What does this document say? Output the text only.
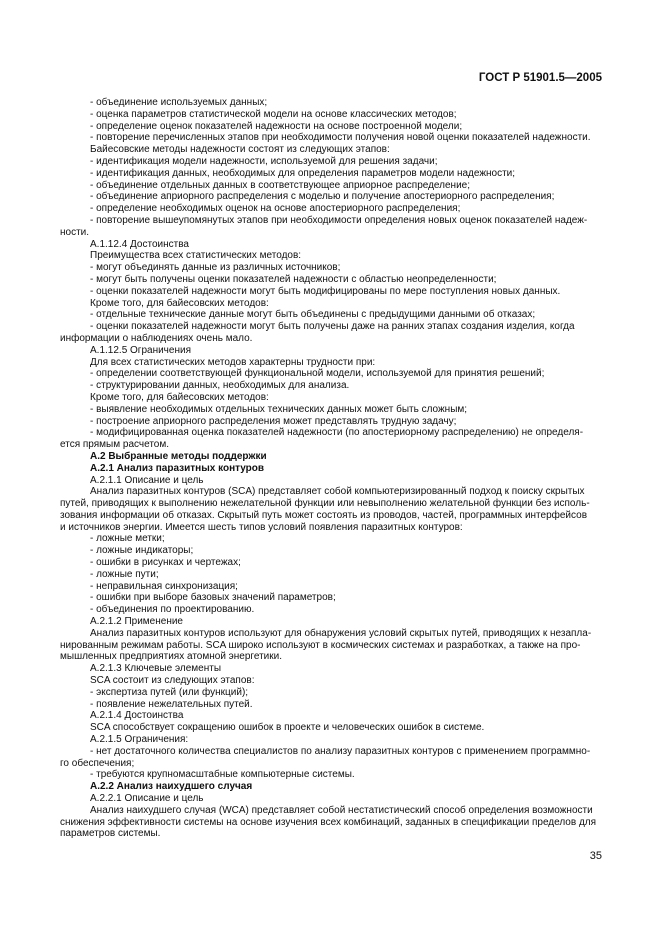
ГОСТ Р 51901.5—2005
- объединение используемых данных;
- оценка параметров статистической модели на основе классических методов;
- определение оценок показателей надежности на основе построенной модели;
- повторение перечисленных этапов при необходимости получения новой оценки показателей надежности.
Байесовские методы надежности состоят из следующих этапов:
- идентификация модели надежности, используемой для решения задачи;
- идентификация данных, необходимых для определения параметров модели надежности;
- объединение отдельных данных в соответствующее априорное распределение;
- объединение априорного распределения с моделью и получение апостериорного распределения;
- определение необходимых оценок на основе апостериорного распределения;
- повторение вышеупомянутых этапов при необходимости определения новых оценок показателей надеж-
ности.
А.1.12.4 Достоинства
Преимущества всех статистических методов:
- могут объединять данные из различных источников;
- могут быть получены оценки показателей надежности с областью неопределенности;
- оценки показателей надежности могут быть модифицированы по мере поступления новых данных.
Кроме того, для байесовских методов:
- отдельные технические данные могут быть объединены с предыдущими данными об отказах;
- оценки показателей надежности могут быть получены даже на ранних этапах создания изделия, когда
информации о наблюдениях очень мало.
А.1.12.5 Ограничения
Для всех статистических методов характерны трудности при:
- определении соответствующей функциональной модели, используемой для принятия решений;
- структурировании данных, необходимых для анализа.
Кроме того, для байесовских методов:
- выявление необходимых отдельных технических данных может быть сложным;
- построение априорного распределения может представлять трудную задачу;
- модифицированная оценка показателей надежности (по апостериорному распределению) не определя-
ется прямым расчетом.
А.2 Выбранные методы поддержки
А.2.1 Анализ паразитных контуров
А.2.1.1 Описание и цель
Анализ паразитных контуров (SCA) представляет собой компьютеризированный подход к поиску скрытых
путей, приводящих к выполнению нежелательной функции или невыполнению желательной функции без исполь-
зования информации об отказах. Скрытый путь может состоять из проводов, частей, программных интерфейсов
и источников энергии. Имеется шесть типов условий появления паразитных контуров:
- ложные метки;
- ложные индикаторы;
- ошибки в рисунках и чертежах;
- ложные пути;
- неправильная синхронизация;
- ошибки при выборе базовых значений параметров;
- объединения по проектированию.
А.2.1.2 Применение
Анализ паразитных контуров используют для обнаружения условий скрытых путей, приводящих к незапла-
нированным режимам работы. SCA широко используют в космических системах и разработках, а также на про-
мышленных предприятиях атомной энергетики.
А.2.1.3 Ключевые элементы
SCA состоит из следующих этапов:
- экспертиза путей (или функций);
- появление нежелательных путей.
А.2.1.4 Достоинства
SCA способствует сокращению ошибок в проекте и человеческих ошибок в системе.
А.2.1.5 Ограничения:
- нет достаточного количества специалистов по анализу паразитных контуров с применением программно-
го обеспечения;
- требуются крупномасштабные компьютерные системы.
А.2.2 Анализ наихудшего случая
А.2.2.1 Описание и цель
Анализ наихудшего случая (WCA) представляет собой нестатистический способ определения возможности
снижения эффективности системы на основе изучения всех комбинаций, заданных в спецификации пределов для
параметров системы.
35
